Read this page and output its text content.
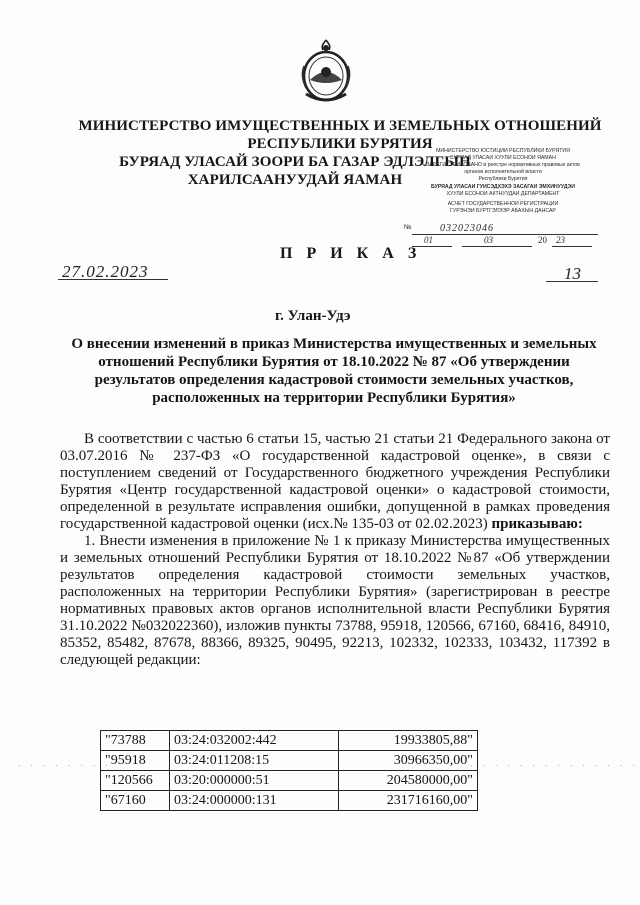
МИНИСТЕРСТВО ИМУЩЕСТВЕННЫХ И ЗЕМЕЛЬНЫХ ОТНОШЕНИЙ
РЕСПУБЛИКИ БУРЯТИЯ
БУРЯАД УЛАСАЙ ЗООРИ БА ГАЗАР ЭДЛЭЛГЫН
ХАРИЛСААНУУДАЙ ЯАМАН
МИНИСТЕРСТВО ЮСТИЦИИ РЕСПУБЛИКИ БУРЯТИЯ
БУРЯАД УЛАСАЙ ХУУЛИ ЁСОНОЙ ЯАМАН
ЗАРЕГИСТРИРОВАНО в реестре нормативных правовых актов
органов исполнительной власти
Республики Бурятия
БУРЯАД УЛАСАЙ ГУЙСЭДХЭХЭ ЗАСАГАЙ ЭМХИНУУДЭЙ
ХУУЛИ ЁСОНОЙ АКТНУУДАЙ ДЕПАРТАМЕНТ
АСЧЕТ ГОСУДАРСТВЕННОЙ РЕГИСТРАЦИИ
ГУРЭНЭЙ БУРТГЭЛЭЭР АБАХЫН ДАНСАР
№	032023046
01	03	20 23
П Р И К А З
27.02.2023	13
г. Улан-Удэ
О внесении изменений в приказ Министерства имущественных и земельных отношений Республики Бурятия от 18.10.2022 № 87 «Об утверждении результатов определения кадастровой стоимости земельных участков, расположенных на территории Республики Бурятия»

В соответствии с частью 6 статьи 15, частью 21 статьи 21 Федерального закона от 03.07.2016 № 237-ФЗ «О государственной кадастровой оценке», в связи с поступлением сведений от Государственного бюджетного учреждения Республики Бурятия «Центр государственной кадастровой оценки» о кадастровой стоимости, определенной в результате исправления ошибки, допущенной в рамках проведения государственной кадастровой оценки (исх.№ 135-03 от 02.02.2023) приказываю:

1. Внести изменения в приложение № 1 к приказу Министерства имущественных и земельных отношений Республики Бурятия от 18.10.2022 №87 «Об утверждении результатов определения кадастровой стоимости земельных участков, расположенных на территории Республики Бурятия» (зарегистрирован в реестре нормативных правовых актов органов исполнительной власти Республики Бурятия 31.10.2022 №032022360), изложив пункты 73788, 95918, 120566, 67160, 68416, 84910, 85352, 85482, 87678, 88366, 89325, 90495, 92213, 102332, 102333, 103432, 117392 в следующей редакции:

. . . . . . . .	. . . . . . . . . . . . . . .
"73788	03:24:032002:442	19933805,88"
"95918	03:24:011208:15	30966350,00"
"120566	03:20:000000:51	204580000,00"
"67160	03:24:000000:131	231716160,00"
